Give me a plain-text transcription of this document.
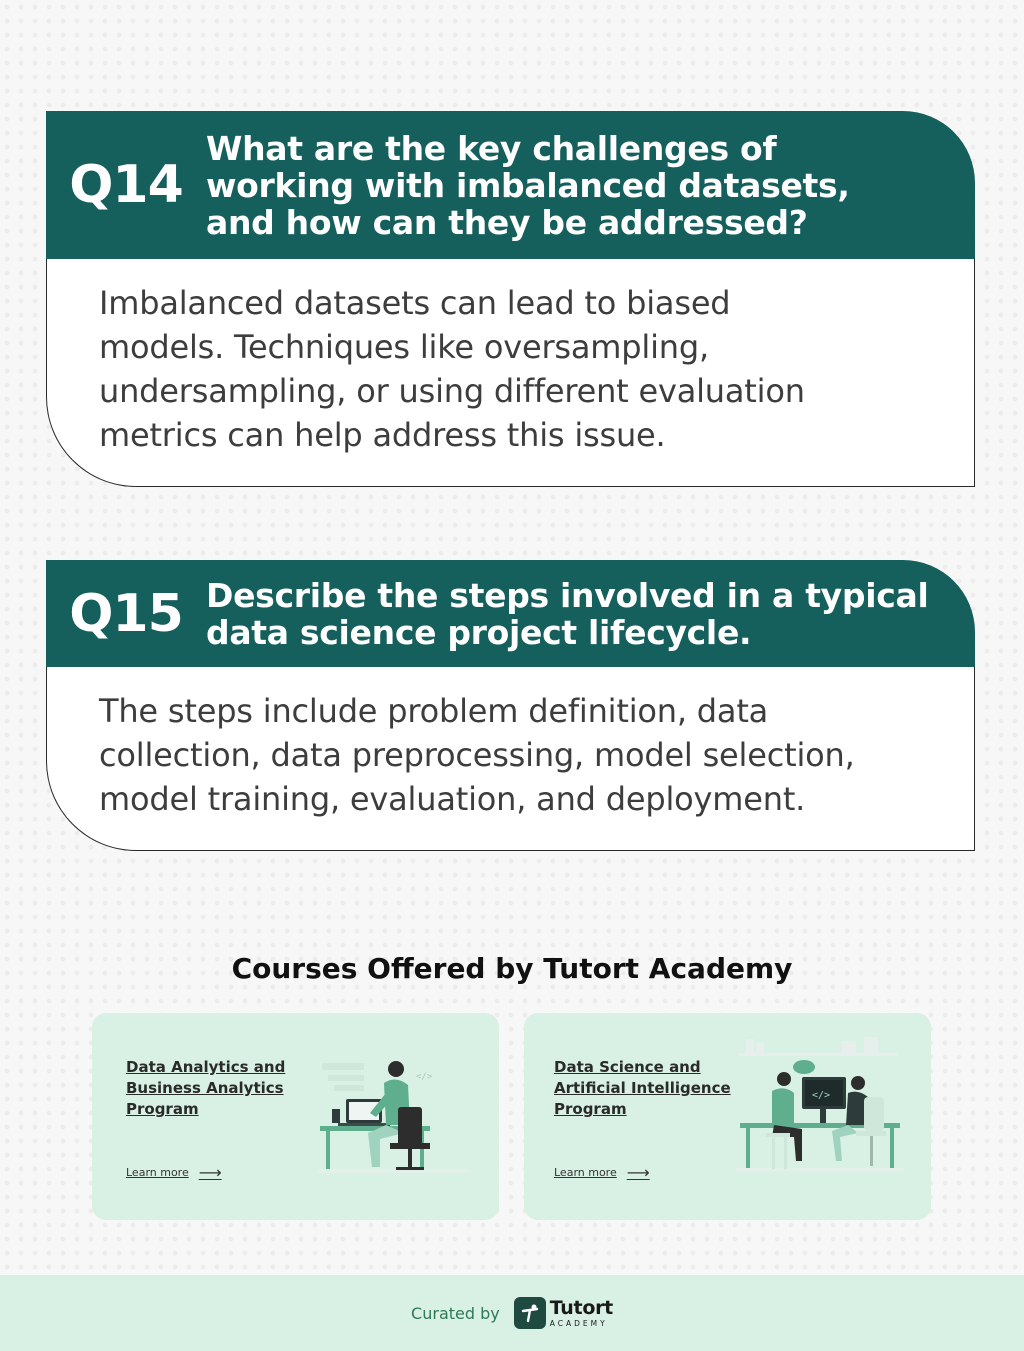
Q14
What are the key challenges of working with imbalanced datasets, and how can they be addressed?
Imbalanced datasets can lead to biased models. Techniques like oversampling, undersampling, or using different evaluation metrics can help address this issue.
Q15 Describe the steps involved in a typical data science project lifecycle.
The steps include problem definition, data collection, data preprocessing, model selection, model training, evaluation, and deployment.
Courses Offered by Tutort Academy
Data Analytics and Business Analytics Program
Learn more ⟶
</>
Data Science and Artificial Intelligence Program
Learn more ⟶
</>
Curated by	Tutort
ACADEMY
